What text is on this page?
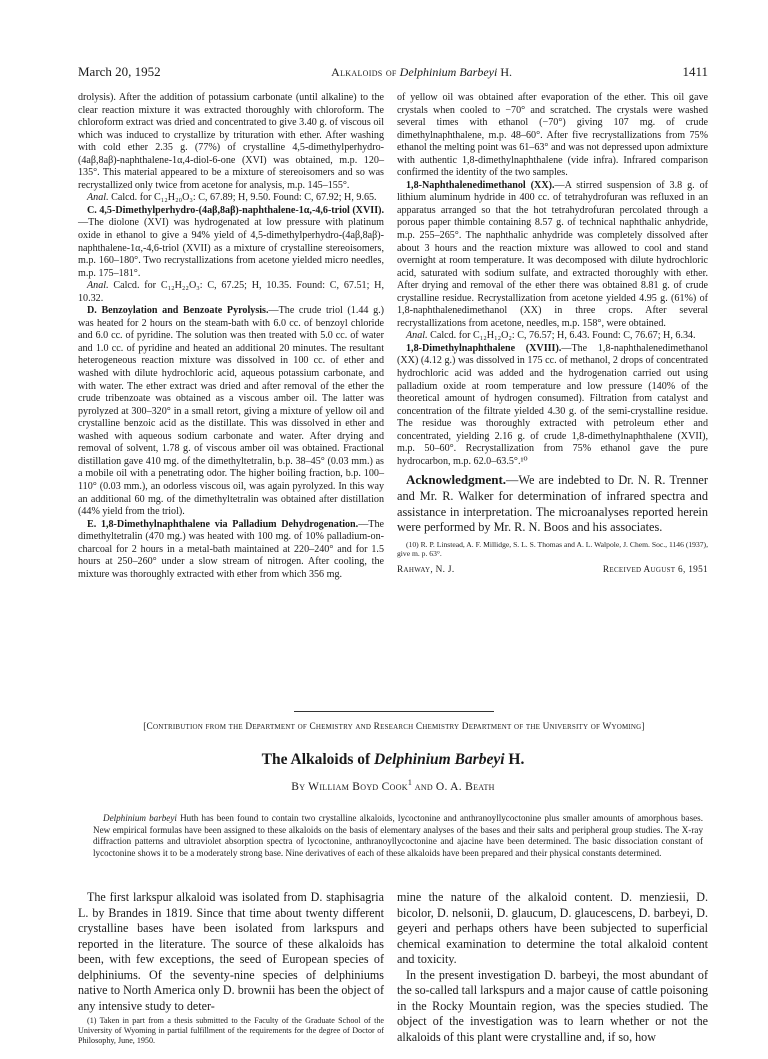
March 20, 1952	Alkaloids of Delphinium Barbeyi H.	1411

drolysis). After the addition of potassium carbonate (until alkaline) to the clear reaction mixture it was extracted thoroughly with chloroform. The chloroform extract was dried and concentrated to give 3.40 g. of viscous oil which was induced to crystallize by trituration with ether. After washing with cold ether 2.35 g. (77%) of crystalline 4,5-dimethylperhydro-(4aβ,8aβ)-naphthalene-1α,4-diol-6-one (XVI) was obtained, m.p. 120–135°. This material appeared to be a mixture of stereoisomers and so was recrystallized only twice from acetone for analysis, m.p. 145–155°.

Anal. Calcd. for C₁₂H₂₀O₃: C, 67.89; H, 9.50. Found: C, 67.92; H, 9.65.

C. 4,5-Dimethylperhydro-(4aβ,8aβ)-naphthalene-1α,-4,6-triol (XVII).—The diolone (XVI) was hydrogenated at low pressure with platinum oxide in ethanol to give a 94% yield of 4,5-dimethylperhydro-(4aβ,8aβ)-naphthalene-1α,-4,6-triol (XVII) as a mixture of crystalline stereoisomers, m.p. 160–180°. Two recrystallizations from acetone yielded micro needles, m.p. 175–181°.

Anal. Calcd. for C₁₂H₂₂O₃: C, 67.25; H, 10.35. Found: C, 67.51; H, 10.32.

D. Benzoylation and Benzoate Pyrolysis.—The crude triol (1.44 g.) was heated for 2 hours on the steam-bath with 6.0 cc. of benzoyl chloride and 6.0 cc. of pyridine. The solution was then treated with 5.0 cc. of water and 1.0 cc. of pyridine and heated an additional 20 minutes. The resultant heterogeneous reaction mixture was dissolved in 100 cc. of ether and washed with dilute hydrochloric acid, aqueous potassium carbonate, and with water. The ether extract was dried and after removal of the ether the crude tribenzoate was obtained as a viscous amber oil. The latter was pyrolyzed at 300–320° in a small retort, giving a mixture of yellow oil and crystalline benzoic acid as the distillate. This was dissolved in ether and washed with aqueous sodium carbonate and water. After drying and removal of solvent, 1.78 g. of viscous amber oil was obtained. Fractional distillation gave 410 mg. of the dimethyltetralin, b.p. 38–45° (0.03 mm.) as a mobile oil with a penetrating odor. The higher boiling fraction, b.p. 100–110° (0.03 mm.), an odorless viscous oil, was again pyrolyzed. In this way an additional 60 mg. of the dimethyltetralin was obtained after distillation (44% yield from the triol).

E. 1,8-Dimethylnaphthalene via Palladium Dehydrogenation.—The dimethyltetralin (470 mg.) was heated with 100 mg. of 10% palladium-on-charcoal for 2 hours in a metal-bath maintained at 220–240° and for 1.5 hours at 250–260° under a slow stream of nitrogen. After cooling, the mixture was thoroughly extracted with ether from which 356 mg.

of yellow oil was obtained after evaporation of the ether. This oil gave crystals when cooled to −70° and scratched. The crystals were washed several times with ethanol (−70°) giving 107 mg. of crude dimethylnaphthalene, m.p. 48–60°. After five recrystallizations from 75% ethanol the melting point was 61–63° and was not depressed upon admixture with authentic 1,8-dimethylnaphthalene (vide infra). Infrared comparison confirmed the identity of the two samples.

1,8-Naphthalenedimethanol (XX).—A stirred suspension of 3.8 g. of lithium aluminum hydride in 400 cc. of tetrahydrofuran was refluxed in an apparatus arranged so that the hot tetrahydrofuran percolated through a porous paper thimble containing 8.57 g. of technical naphthalic anhydride, m.p. 255–265°. The naphthalic anhydride was completely dissolved after about 3 hours and the reaction mixture was allowed to cool and stand overnight at room temperature. It was decomposed with dilute hydrochloric acid, saturated with sodium sulfate, and extracted thoroughly with ether. After drying and removal of the ether there was obtained 8.81 g. of crude crystalline residue. Recrystallization from acetone yielded 4.95 g. (61%) of 1,8-naphthalenedimethanol (XX) in three crops. After several recrystallizations from acetone, needles, m.p. 158°, were obtained.

Anal. Calcd. for C₁₂H₁₂O₂: C, 76.57; H, 6.43. Found: C, 76.67; H, 6.34.

1,8-Dimethylnaphthalene (XVIII).—The 1,8-naphthalenedimethanol (XX) (4.12 g.) was dissolved in 175 cc. of methanol, 2 drops of concentrated hydrochloric acid was added and the hydrogenation carried out using palladium oxide at room temperature and low pressure (140% of the theoretical amount of hydrogen consumed). Filtration from catalyst and concentration of the filtrate yielded 4.30 g. of the semi-crystalline residue. The residue was thoroughly extracted with petroleum ether and concentrated, yielding 2.16 g. of crude 1,8-dimethylnaphthalene (XVII), m.p. 50–60°. Recrystallization from 75% ethanol gave the pure hydrocarbon, m.p. 62.0–63.5°.¹⁰

Acknowledgment.—We are indebted to Dr. N. R. Trenner and Mr. R. Walker for determination of infrared spectra and assistance in interpretation. The microanalyses reported herein were performed by Mr. R. N. Boos and his associates.

(10) R. P. Linstead, A. F. Millidge, S. L. S. Thomas and A. L. Walpole, J. Chem. Soc., 1146 (1937), give m. p. 63°.

Rahway, N. J.	Received August 6, 1951
[Contribution from the Department of Chemistry and Research Chemistry Department of the University of Wyoming]
The Alkaloids of Delphinium Barbeyi H.
By William Boyd Cook$^1$ and O. A. Beath

Delphinium barbeyi Huth has been found to contain two crystalline alkaloids, lycoctonine and anthranoyllycoctonine plus smaller amounts of amorphous bases. New empirical formulas have been assigned to these alkaloids on the basis of elementary analyses of the bases and their salts and peripheral group studies. The X-ray diffraction patterns and ultraviolet absorption spectra of lycoctonine, anthranoyllycoctonine and ajacine have been determined. The basic dissociation constant of lycoctonine shows it to be a moderately strong base. Nine derivatives of each of these alkaloids have been prepared and their physical constants determined.

The first larkspur alkaloid was isolated from D. staphisagria L. by Brandes in 1819. Since that time about twenty different crystalline bases have been isolated from larkspurs and reported in the literature. The source of these alkaloids has been, with few exceptions, the seed of European species of delphiniums. Of the seventy-nine species of delphiniums native to North America only D. brownii has been the object of any intensive study to deter-

(1) Taken in part from a thesis submitted to the Faculty of the Graduate School of the University of Wyoming in partial fulfillment of the requirements for the degree of Doctor of Philosophy, June, 1950.

mine the nature of the alkaloid content. D. menziesii, D. bicolor, D. nelsonii, D. glaucum, D. glaucescens, D. barbeyi, D. geyeri and perhaps others have been subjected to superficial chemical examination to determine the total alkaloid content and toxicity.

In the present investigation D. barbeyi, the most abundant of the so-called tall larkspurs and a major cause of cattle poisoning in the Rocky Mountain region, was the species studied. The object of the investigation was to learn whether or not the alkaloids of this plant were crystalline and, if so, how
